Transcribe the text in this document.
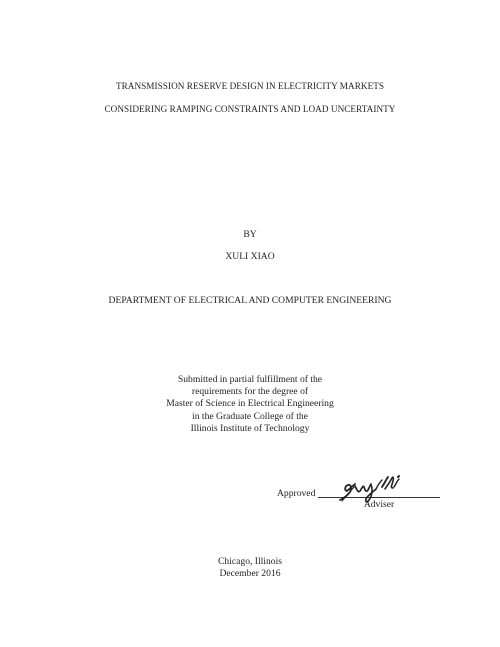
TRANSMISSION RESERVE DESIGN IN ELECTRICITY MARKETS
CONSIDERING RAMPING CONSTRAINTS AND LOAD UNCERTAINTY
BY
XULI XIAO
DEPARTMENT OF ELECTRICAL AND COMPUTER ENGINEERING
Submitted in partial fulfillment of the
requirements for the degree of
Master of Science in Electrical Engineering
in the Graduate College of the
Illinois Institute of Technology
Approved
Adviser
Chicago, Illinois
December 2016
